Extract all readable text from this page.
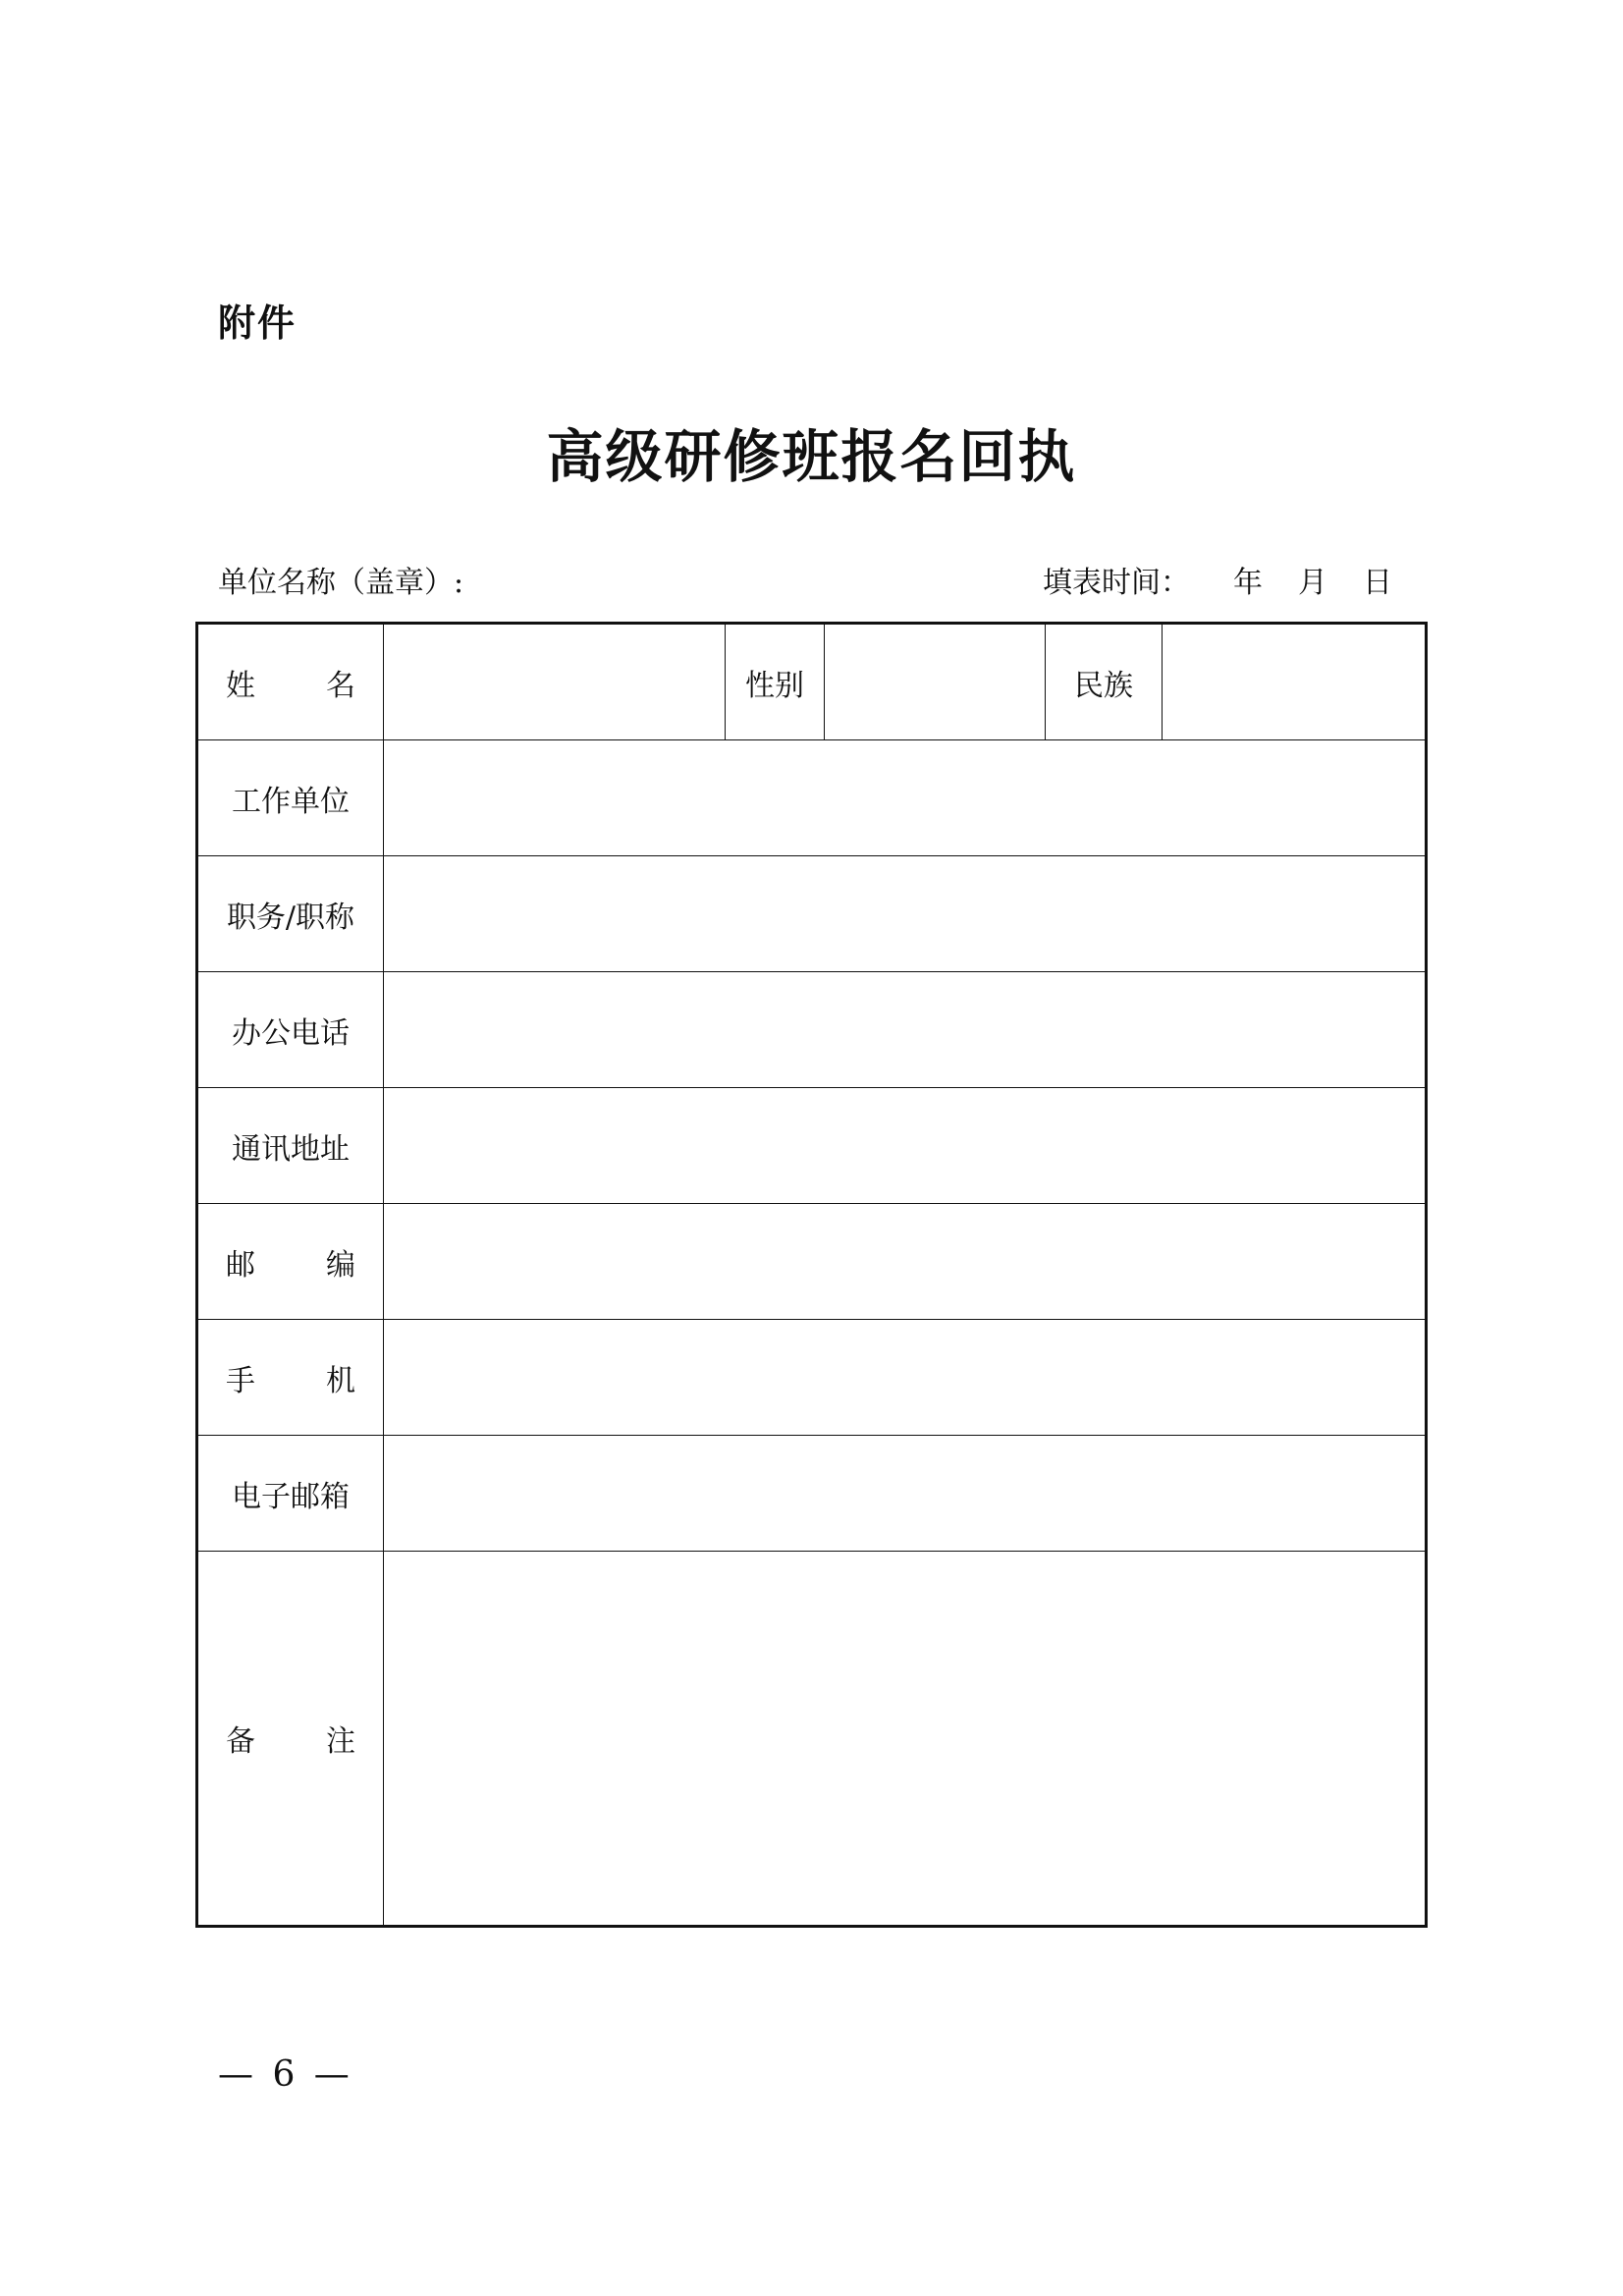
附件
高级研修班报名回执
单位名称（盖章）:	填表时间： 年 月 日
姓 名		性别		民族	
工作单位					
职务/职称					
办公电话					
通讯地址					
邮 编					
手 机					
电子邮箱					
备 注					
— 6 —
